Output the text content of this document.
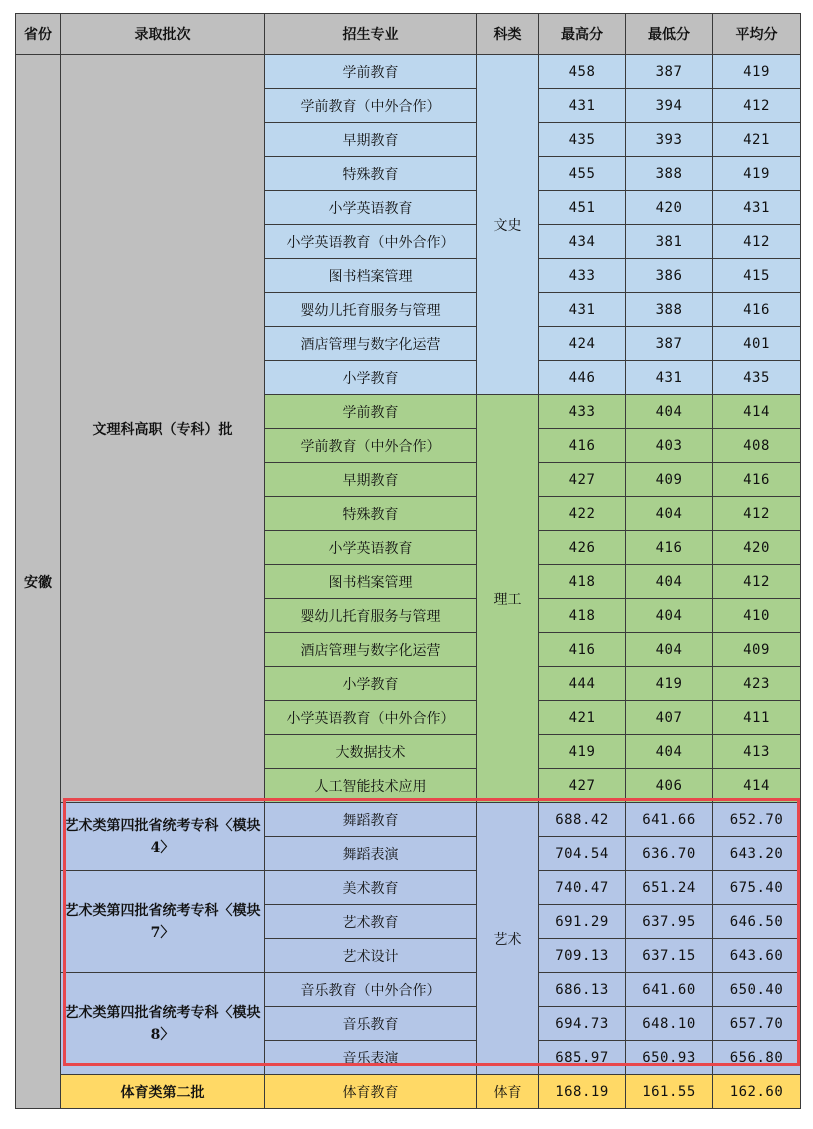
省份	录取批次	招生专业	科类	最高分	最低分	平均分
安徽	文理科高职（专科）批	学前教育	文史	458	387	419
		学前教育（中外合作）		431	394	412
		早期教育		435	393	421
		特殊教育		455	388	419
		小学英语教育		451	420	431
		小学英语教育（中外合作）		434	381	412
		图书档案管理		433	386	415
		婴幼儿托育服务与管理		431	388	416
		酒店管理与数字化运营		424	387	401
		小学教育		446	431	435
		学前教育	理工	433	404	414
		学前教育（中外合作）		416	403	408
		早期教育		427	409	416
		特殊教育		422	404	412
		小学英语教育		426	416	420
		图书档案管理		418	404	412
		婴幼儿托育服务与管理		418	404	410
		酒店管理与数字化运营		416	404	409
		小学教育		444	419	423
		小学英语教育（中外合作）		421	407	411
		大数据技术		419	404	413
		人工智能技术应用		427	406	414
	艺术类第四批省统考专科〈模块4〉	舞蹈教育	艺术	688.42	641.66	652.70
		舞蹈表演		704.54	636.70	643.20
	艺术类第四批省统考专科〈模块7〉	美术教育		740.47	651.24	675.40
		艺术教育		691.29	637.95	646.50
		艺术设计		709.13	637.15	643.60
	艺术类第四批省统考专科〈模块8〉	音乐教育（中外合作）		686.13	641.60	650.40
		音乐教育		694.73	648.10	657.70
		音乐表演		685.97	650.93	656.80
	体育类第二批	体育教育	体育	168.19	161.55	162.60
